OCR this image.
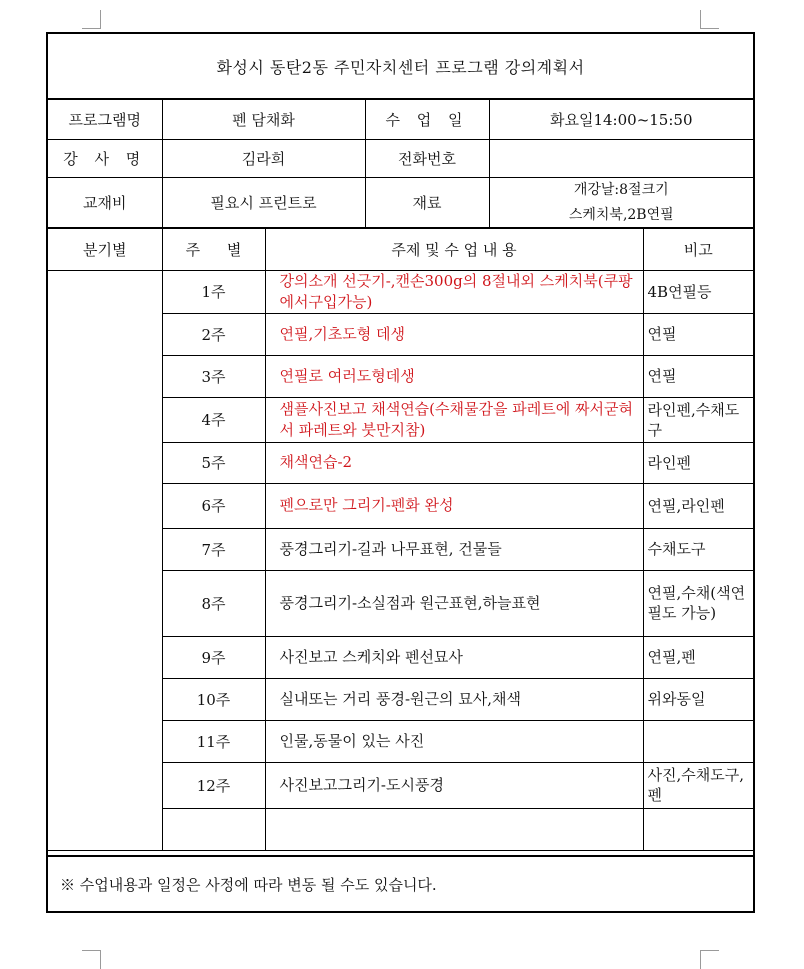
화성시 동탄2동 주민자치센터 프로그램 강의계획서
프로그램명	펜 담채화	수 업 일	화요일14:00~15:50
강 사 명	김라희	전화번호	
교재비	필요시 프린트로	재료	개강날:8절크기
스케치북,2B연필
분기별	주 별	주제 및 수 업 내 용	비고
	1주	강의소개 선긋기-,캔손300g의 8절내외 스케치북(쿠팡에서구입가능)	4B연필등
	2주	연필,기초도형 데생	연필
	3주	연필로 여러도형데생	연필
	4주	샘플사진보고 채색연습(수채물감을 파레트에 짜서굳혀서 파레트와 붓만지참)	라인펜,수채도구
	5주	채색연습-2	라인펜
	6주	펜으로만 그리기-펜화 완성	연필,라인펜
	7주	풍경그리기-길과 나무표현, 건물들	수채도구
	8주	풍경그리기-소실점과 원근표현,하늘표현	연필,수채(색연필도 가능)
	9주	사진보고 스케치와 펜선묘사	연필,펜
	10주	실내또는 거리 풍경-원근의 묘사,채색	위와동일
	11주	인물,동물이 있는 사진	
	12주	사진보고그리기-도시풍경	사진,수채도구,펜

※ 수업내용과 일정은 사정에 따라 변동 될 수도 있습니다.
